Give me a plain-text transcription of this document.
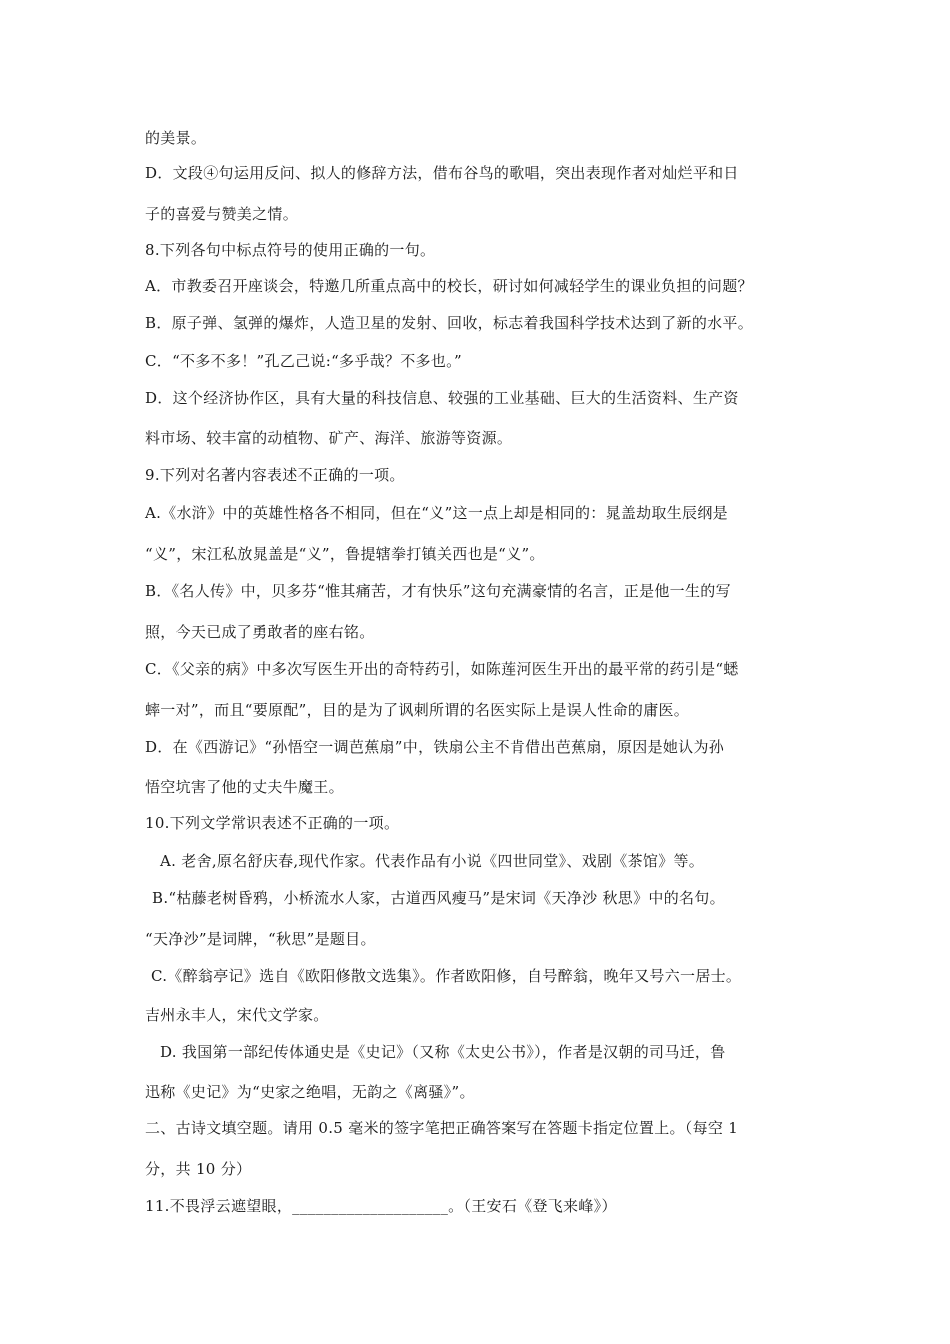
的美景。
D．文段④句运用反问、拟人的修辞方法，借布谷鸟的歌唱，突出表现作者对灿烂平和日
子的喜爱与赞美之情。
8.下列各句中标点符号的使用正确的一句。
A．市教委召开座谈会，特邀几所重点高中的校长，研讨如何减轻学生的课业负担的问题？
B．原子弹、氢弹的爆炸，人造卫星的发射、回收，标志着我国科学技术达到了新的水平。
C．“不多不多！”孔乙己说:“多乎哉？不多也。”
D．这个经济协作区，具有大量的科技信息、较强的工业基础、巨大的生活资料、生产资
料市场、较丰富的动植物、矿产、海洋、旅游等资源。
9.下列对名著内容表述不正确的一项。
A.《水浒》中的英雄性格各不相同，但在“义”这一点上却是相同的：晁盖劫取生辰纲是
“义”，宋江私放晁盖是“义”，鲁提辖拳打镇关西也是“义”。
B．《名人传》中，贝多芬“惟其痛苦，才有快乐”这句充满豪情的名言，正是他一生的写
照，今天已成了勇敢者的座右铭。
C．《父亲的病》中多次写医生开出的奇特药引，如陈莲河医生开出的最平常的药引是“蟋
蟀一对”，而且“要原配”，目的是为了讽刺所谓的名医实际上是误人性命的庸医。
D．在《西游记》“孙悟空一调芭蕉扇”中，铁扇公主不肯借出芭蕉扇，原因是她认为孙
悟空坑害了他的丈夫牛魔王。
10.下列文学常识表述不正确的一项。
A. 老舍,原名舒庆春,现代作家。代表作品有小说《四世同堂》、戏剧《茶馆》等。
B.“枯藤老树昏鸦，小桥流水人家，古道西风瘦马”是宋词《天净沙 秋思》中的名句。
“天净沙”是词牌，“秋思”是题目。
C.《醉翁亭记》选自《欧阳修散文选集》。作者欧阳修，自号醉翁，晚年又号六一居士。
吉州永丰人，宋代文学家。
D. 我国第一部纪传体通史是《史记》（又称《太史公书》），作者是汉朝的司马迁，鲁
迅称《史记》为“史家之绝唱，无韵之《离骚》”。
二、古诗文填空题。请用 0.5 毫米的签字笔把正确答案写在答题卡指定位置上。（每空 1
分，共 10 分）
11.不畏浮云遮望眼，____________________。（王安石《登飞来峰》）
